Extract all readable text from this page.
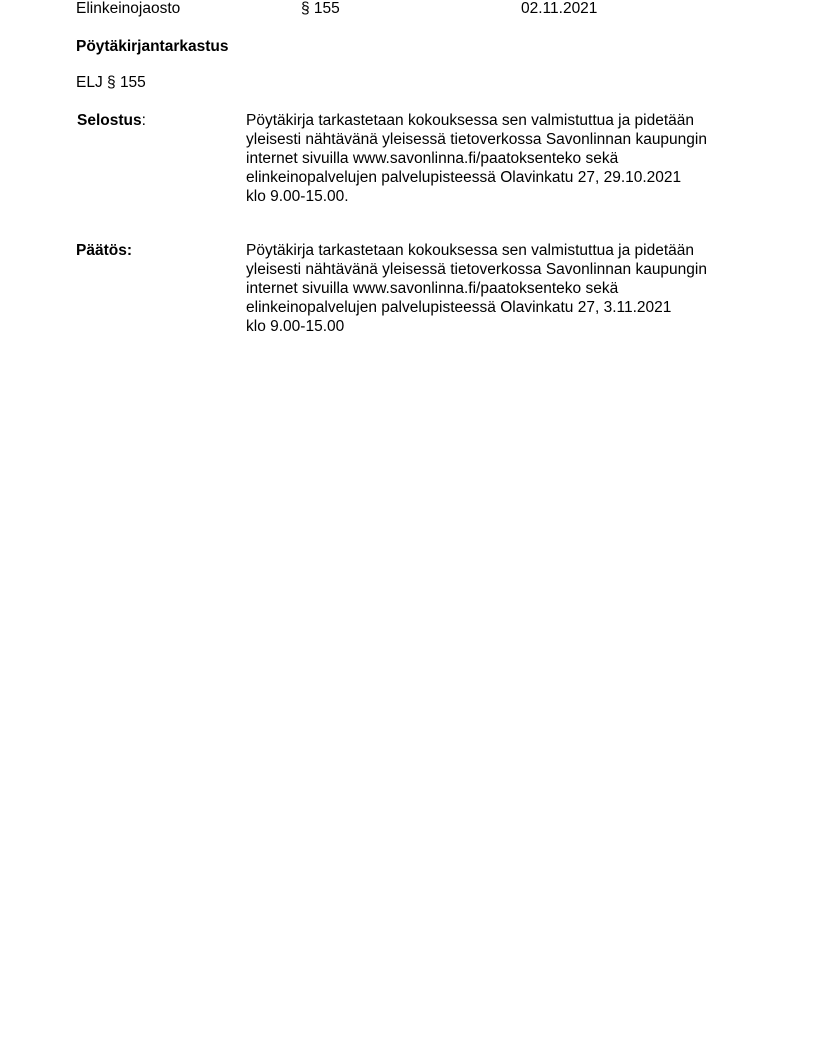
Elinkeinojaosto	§ 155	02.11.2021
Pöytäkirjantarkastus
ELJ § 155
Selostus:	Pöytäkirja tarkastetaan kokouksessa sen valmistuttua ja pidetään
yleisesti nähtävänä yleisessä tietoverkossa Savonlinnan kaupungin
internet sivuilla www.savonlinna.fi/paatoksenteko sekä
elinkeinopalvelujen palvelupisteessä Olavinkatu 27, 29.10.2021
klo 9.00-15.00.
Päätös:	Pöytäkirja tarkastetaan kokouksessa sen valmistuttua ja pidetään
yleisesti nähtävänä yleisessä tietoverkossa Savonlinnan kaupungin
internet sivuilla www.savonlinna.fi/paatoksenteko sekä
elinkeinopalvelujen palvelupisteessä Olavinkatu 27, 3.11.2021
klo 9.00-15.00
